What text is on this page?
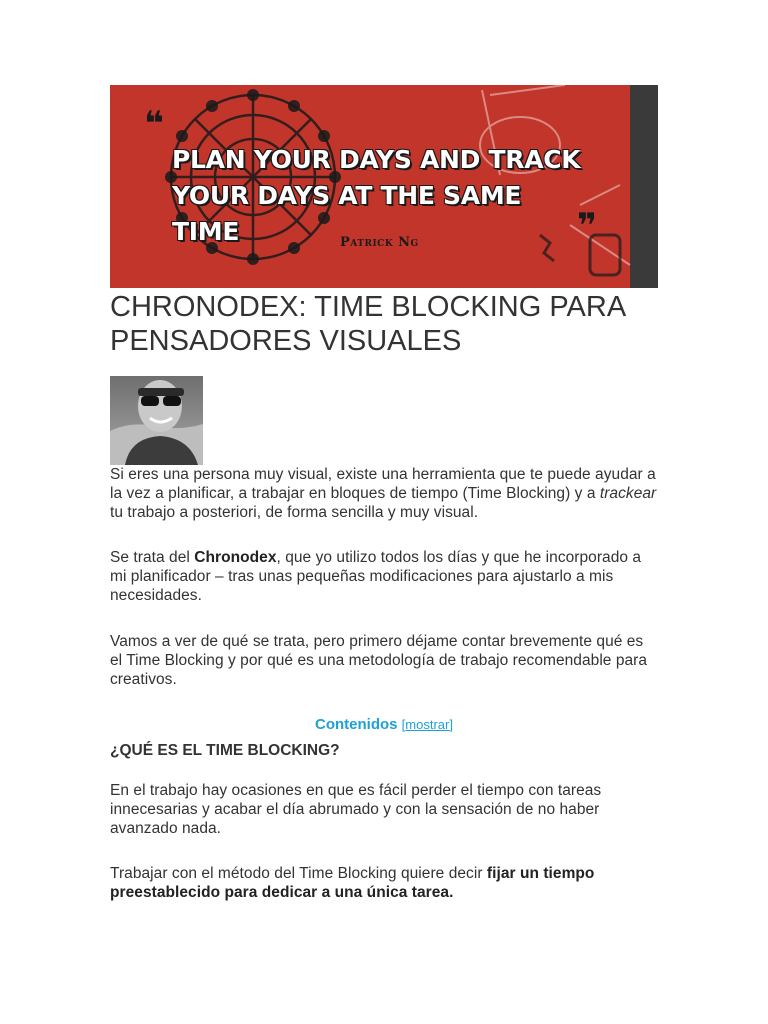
❝
PLAN YOUR DAYS AND TRACK
YOUR DAYS AT THE SAME TIME	❞
Patrick Ng
CHRONODEX: TIME BLOCKING PARA PENSADORES VISUALES

Si eres una persona muy visual, existe una herramienta que te puede ayudar a la vez a planificar, a trabajar en bloques de tiempo (Time Blocking) y a trackear tu trabajo a posteriori, de forma sencilla y muy visual.

Se trata del Chronodex, que yo utilizo todos los días y que he incorporado a mi planificador – tras unas pequeñas modificaciones para ajustarlo a mis necesidades.

Vamos a ver de qué se trata, pero primero déjame contar brevemente qué es el Time Blocking y por qué es una metodología de trabajo recomendable para creativos.

Contenidos [mostrar]
¿QUÉ ES EL TIME BLOCKING?

En el trabajo hay ocasiones en que es fácil perder el tiempo con tareas innecesarias y acabar el día abrumado y con la sensación de no haber avanzado nada.

Trabajar con el método del Time Blocking quiere decir fijar un tiempo preestablecido para dedicar a una única tarea.
